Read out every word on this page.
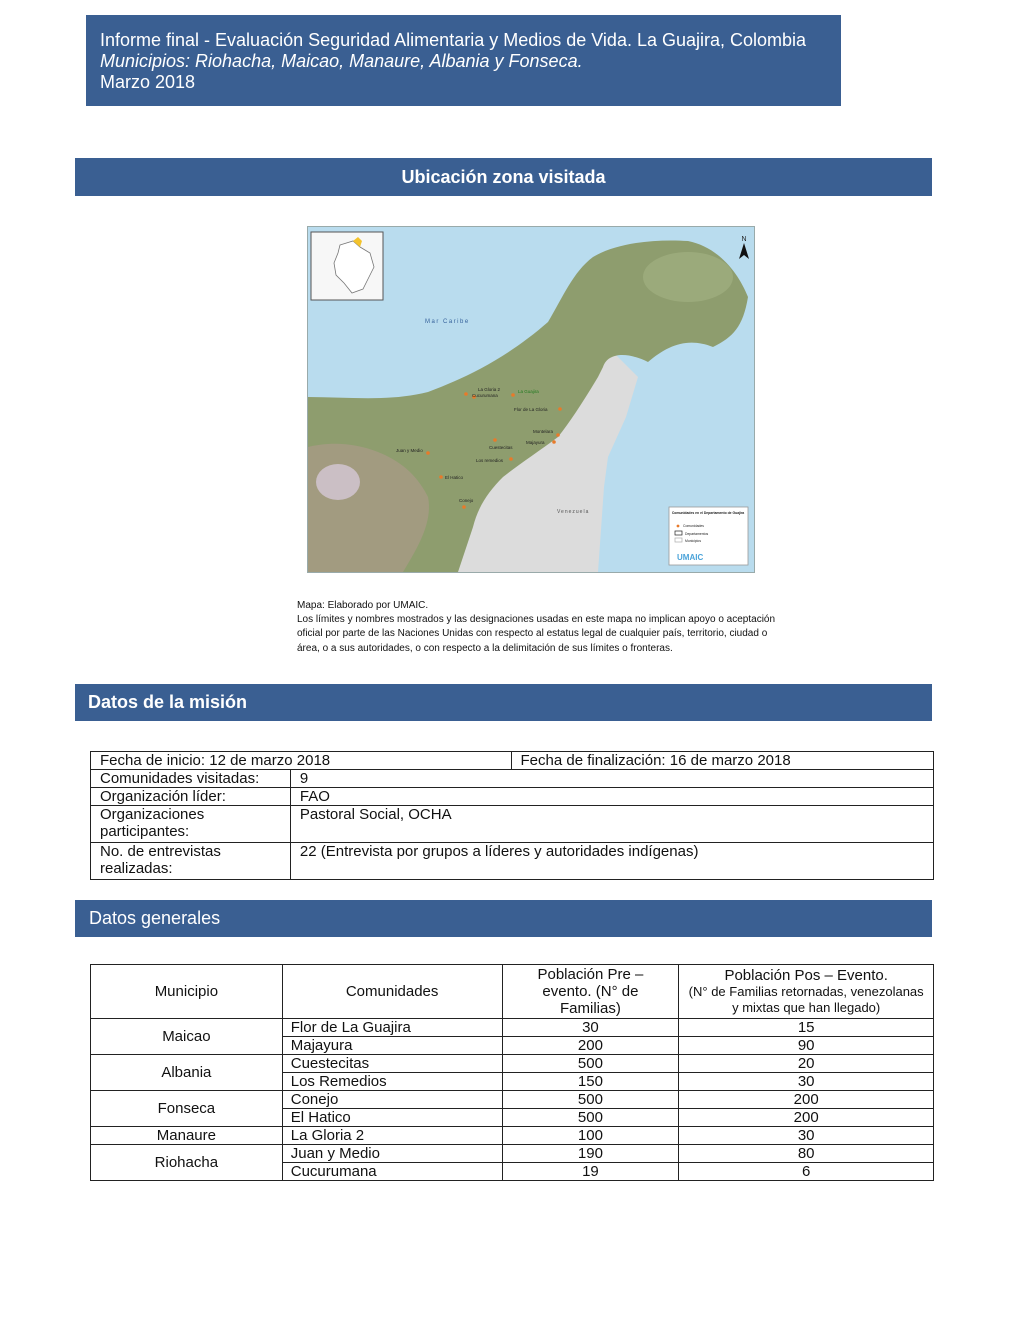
Informe final - Evaluación Seguridad Alimentaria y Medios de Vida. La Guajira, Colombia
Municipios: Riohacha, Maicao, Manaure, Albania y Fonseca.
Marzo 2018
Ubicación zona visitada
N
Mar Caribe
Venezuela
La Gloria 2
Cucurumana
La Guajira
Flor de La Gloria
Montelara
Majayura
Cuestecitas
Los remedios
Juan y Medio
El Hatico
Conejo
Comunidades en el Departamento de Guajira
Comunidades
Departamentos
Municipios
UMAIC
Mapa: Elaborado por UMAIC.
Los límites y nombres mostrados y las designaciones usadas en este mapa no implican apoyo o aceptación oficial por parte de las Naciones Unidas con respecto al estatus legal de cualquier país, territorio, ciudad o área, o a sus autoridades, o con respecto a la delimitación de sus límites o fronteras.
Datos de la misión
Fecha de inicio: 12 de marzo 2018		Fecha de finalización: 16 de marzo 2018
Comunidades visitadas:	9	
Organización líder:	FAO	
Organizaciones participantes:	Pastoral Social, OCHA	
No. de entrevistas realizadas:	22 (Entrevista por grupos a líderes y autoridades indígenas)	
Datos generales
Municipio	Comunidades	Población Pre – evento. (N° de Familias)	Población Pos – Evento.
(N° de Familias retornadas, venezolanas y mixtas que han llegado)

Maicao	Flor de La Guajira	30	15
	Majayura	200	90
Albania	Cuestecitas	500	20
	Los Remedios	150	30
Fonseca	Conejo	500	200
	El Hatico	500	200
Manaure	La Gloria 2	100	30
Riohacha	Juan y Medio	190	80
	Cucurumana	19	6
